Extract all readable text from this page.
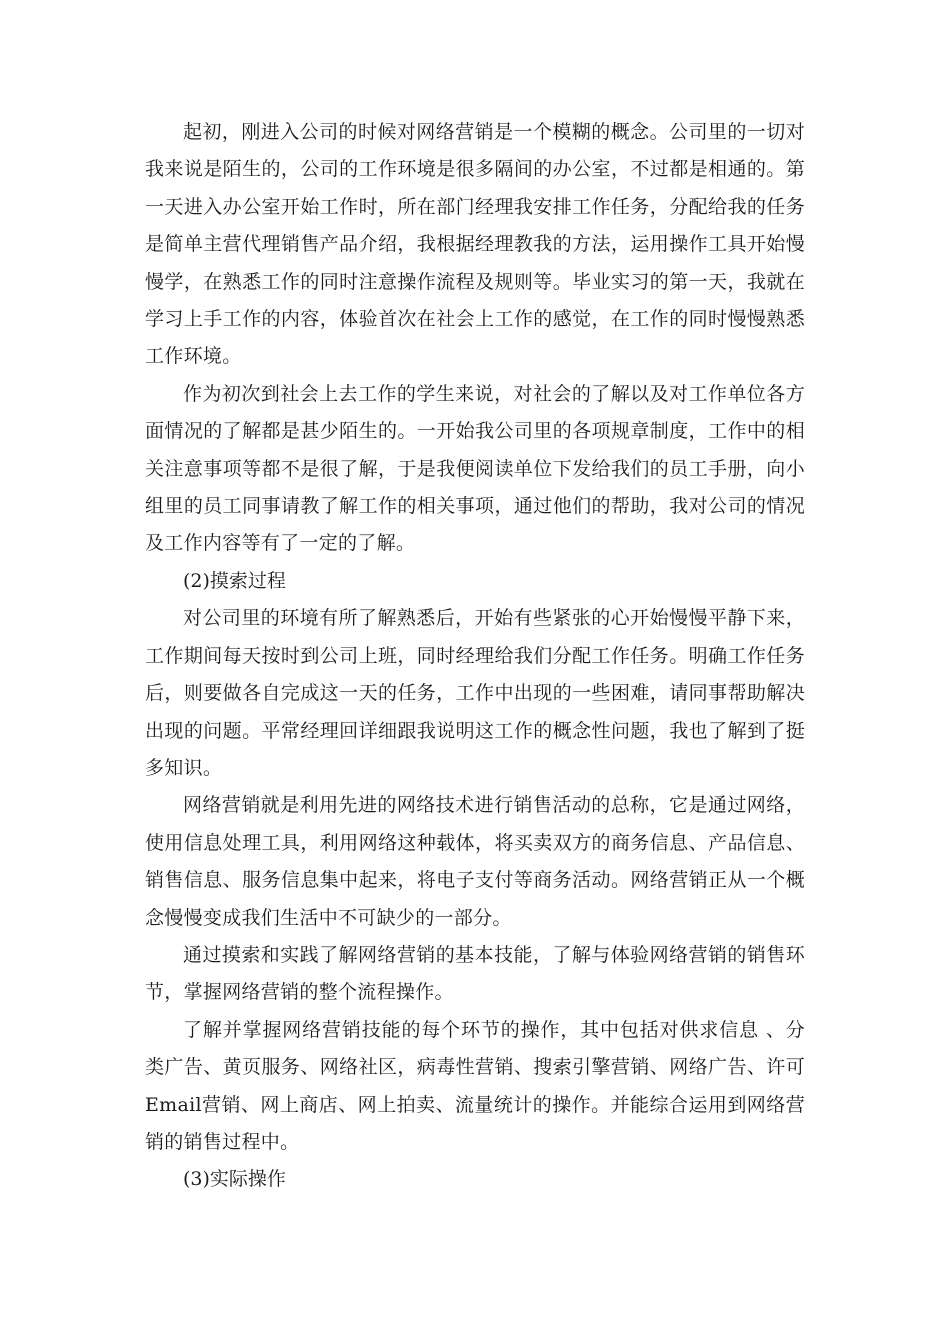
起初，刚进入公司的时候对网络营销是一个模糊的概念。公司里的一切对我来说是陌生的，公司的工作环境是很多隔间的办公室，不过都是相通的。第一天进入办公室开始工作时，所在部门经理我安排工作任务，分配给我的任务是简单主营代理销售产品介绍，我根据经理教我的方法，运用操作工具开始慢慢学，在熟悉工作的同时注意操作流程及规则等。毕业实习的第一天，我就在学习上手工作的内容，体验首次在社会上工作的感觉，在工作的同时慢慢熟悉工作环境。

作为初次到社会上去工作的学生来说，对社会的了解以及对工作单位各方面情况的了解都是甚少陌生的。一开始我公司里的各项规章制度，工作中的相关注意事项等都不是很了解，于是我便阅读单位下发给我们的员工手册，向小组里的员工同事请教了解工作的相关事项，通过他们的帮助，我对公司的情况及工作内容等有了一定的了解。

(2)摸索过程

对公司里的环境有所了解熟悉后，开始有些紧张的心开始慢慢平静下来，工作期间每天按时到公司上班，同时经理给我们分配工作任务。明确工作任务后，则要做各自完成这一天的任务，工作中出现的一些困难，请同事帮助解决出现的问题。平常经理回详细跟我说明这工作的概念性问题，我也了解到了挺多知识。

网络营销就是利用先进的网络技术进行销售活动的总称，它是通过网络，使用信息处理工具，利用网络这种载体，将买卖双方的商务信息、产品信息、销售信息、服务信息集中起来，将电子支付等商务活动。网络营销正从一个概念慢慢变成我们生活中不可缺少的一部分。

通过摸索和实践了解网络营销的基本技能，了解与体验网络营销的销售环节，掌握网络营销的整个流程操作。

了解并掌握网络营销技能的每个环节的操作，其中包括对供求信息 、分类广告、黄页服务、网络社区，病毒性营销、搜索引擎营销、网络广告、许可Email营销、网上商店、网上拍卖、流量统计的操作。并能综合运用到网络营销的销售过程中。

(3)实际操作
